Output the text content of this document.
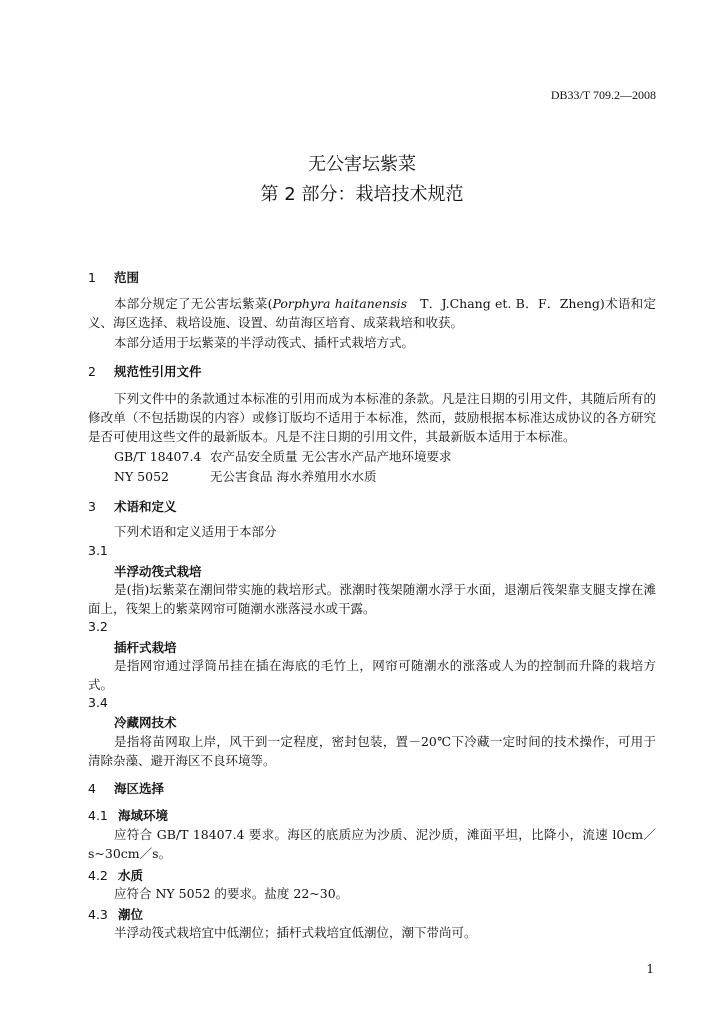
DB33/T 709.2—2008
无公害坛紫菜
第 2 部分：栽培技术规范
1 范围
本部分规定了无公害坛紫菜(Porphyra haitanensis　T．J.Chang et. B．F．Zheng)术语和定义、海区选择、栽培设施、设置、幼苗海区培育、成菜栽培和收获。
本部分适用于坛紫菜的半浮动筏式、插杆式栽培方式。
2 规范性引用文件
下列文件中的条款通过本标准的引用而成为本标准的条款。凡是注日期的引用文件，其随后所有的修改单（不包括勘误的内容）或修订版均不适用于本标准，然而，鼓励根据本标准达成协议的各方研究是否可使用这些文件的最新版本。凡是不注日期的引用文件，其最新版本适用于本标准。
GB/T 18407.4 农产品安全质量 无公害水产品产地环境要求
NY 5052	无公害食品 海水养殖用水水质
3 术语和定义
下列术语和定义适用于本部分
3.1
半浮动筏式栽培
是(指)坛紫菜在潮间带实施的栽培形式。涨潮时筏架随潮水浮于水面，退潮后筏架靠支腿支撑在滩面上，筏架上的紫菜网帘可随潮水涨落浸水或干露。
3.2
插杆式栽培
是指网帘通过浮筒吊挂在插在海底的毛竹上，网帘可随潮水的涨落或人为的控制而升降的栽培方式。
3.4
冷藏网技术
是指将苗网取上岸，风干到一定程度，密封包装，置－20℃下冷藏一定时间的技术操作，可用于清除杂藻、避开海区不良环境等。
4 海区选择
4.1 海域环境
应符合 GB/T 18407.4 要求。海区的底质应为沙质、泥沙质，滩面平坦，比降小，流速 l0cm／s~30cm／s。
4.2 水质
应符合 NY 5052 的要求。盐度 22~30。
4.3 潮位
半浮动筏式栽培宜中低潮位；插杆式栽培宜低潮位，潮下带尚可。
1
